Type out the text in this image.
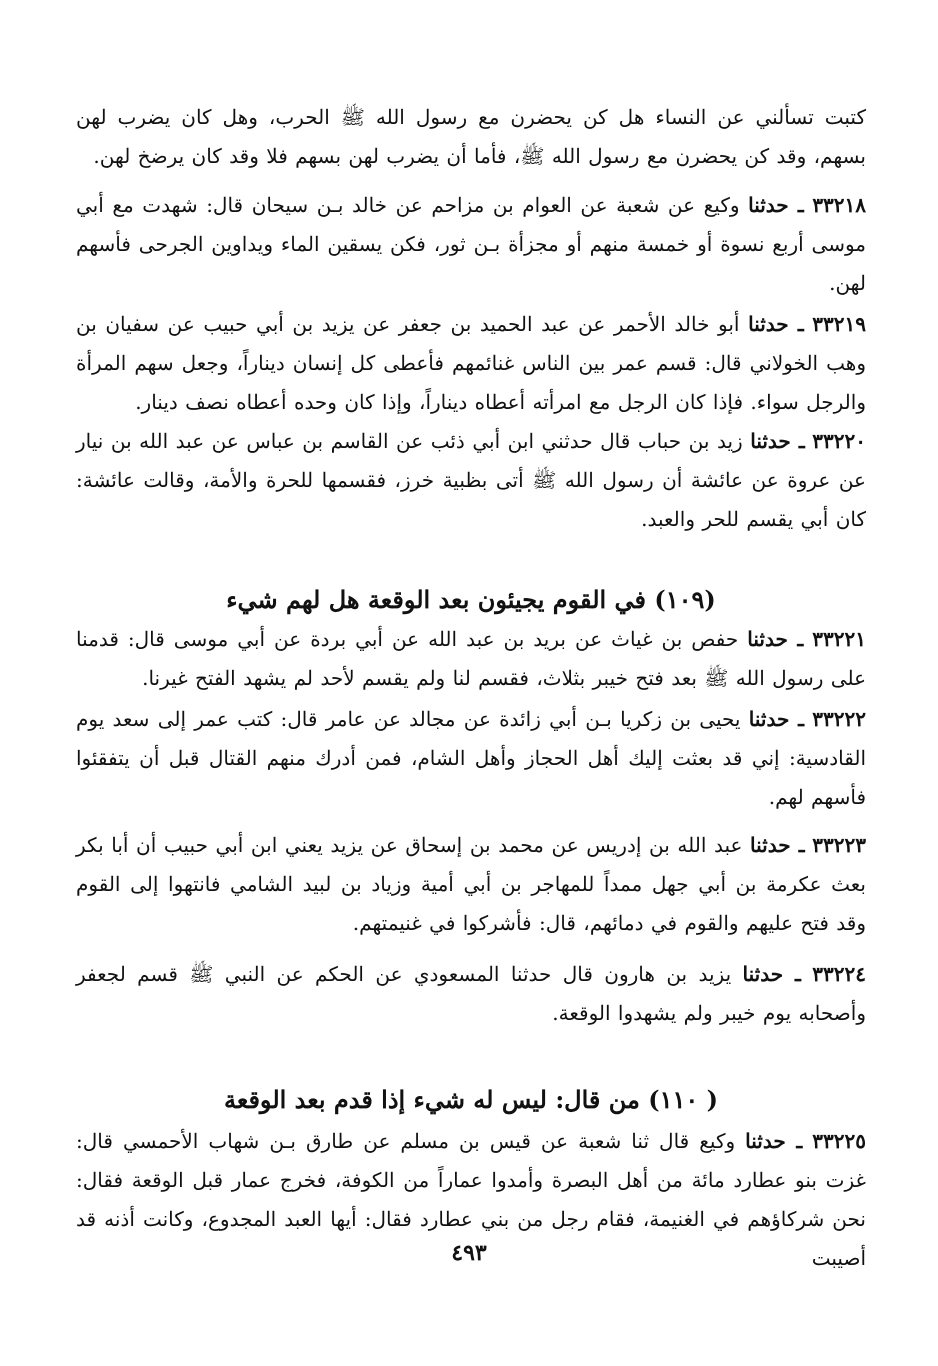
كتبت تسألني عن النساء هل كن يحضرن مع رسول الله ﷺ الحرب، وهل كان يضرب لهن بسهم، وقد كن يحضرن مع رسول الله ﷺ، فأما أن يضرب لهن بسهم فلا وقد كان يرضخ لهن.
٣٣٢١٨ ـ حدثنا وكيع عن شعبة عن العوام بن مزاحم عن خالد بـن سيحان قال: شهدت مع أبي موسى أربع نسوة أو خمسة منهم أو مجزأة بـن ثور، فكن يسقين الماء ويداوين الجرحى فأسهم لهن.
٣٣٢١٩ ـ حدثنا أبو خالد الأحمر عن عبد الحميد بن جعفر عن يزيد بن أبي حبيب عن سفيان بن وهب الخولاني قال: قسم عمر بين الناس غنائمهم فأعطى كل إنسان ديناراً، وجعل سهم المرأة والرجل سواء. فإذا كان الرجل مع امرأته أعطاه ديناراً، وإذا كان وحده أعطاه نصف دينار.
٣٣٢٢٠ ـ حدثنا زيد بن حباب قال حدثني ابن أبي ذئب عن القاسم بن عباس عن عبد الله بن نيار عن عروة عن عائشة أن رسول الله ﷺ أتى بظبية خرز، فقسمها للحرة والأمة، وقالت عائشة: كان أبي يقسم للحر والعبد.
(١٠٩) في القوم يجيئون بعد الوقعة هل لهم شيء
٣٣٢٢١ ـ حدثنا حفص بن غياث عن بريد بن عبد الله عن أبي بردة عن أبي موسى قال: قدمنا على رسول الله ﷺ بعد فتح خيبر بثلاث، فقسم لنا ولم يقسم لأحد لم يشهد الفتح غيرنا.
٣٣٢٢٢ ـ حدثنا يحيى بن زكريا بـن أبي زائدة عن مجالد عن عامر قال: كتب عمر إلى سعد يوم القادسية: إني قد بعثت إليك أهل الحجاز وأهل الشام، فمن أدرك منهم القتال قبل أن يتفقئوا فأسهم لهم.
٣٣٢٢٣ ـ حدثنا عبد الله بن إدريس عن محمد بن إسحاق عن يزيد يعني ابن أبي حبيب أن أبا بكر بعث عكرمة بن أبي جهل ممداً للمهاجر بن أبي أمية وزياد بن لبيد الشامي فانتهوا إلى القوم وقد فتح عليهم والقوم في دمائهم، قال: فأشركوا في غنيمتهم.
٣٣٢٢٤ ـ حدثنا يزيد بن هارون قال حدثنا المسعودي عن الحكم عن النبي ﷺ قسم لجعفر وأصحابه يوم خيبر ولم يشهدوا الوقعة.
( ١١٠) من قال: ليس له شيء إذا قدم بعد الوقعة
٣٣٢٢٥ ـ حدثنا وكيع قال ثنا شعبة عن قيس بن مسلم عن طارق بـن شهاب الأحمسي قال: غزت بنو عطارد مائة من أهل البصرة وأمدوا عماراً من الكوفة، فخرج عمار قبل الوقعة فقال: نحن شركاؤهم في الغنيمة، فقام رجل من بني عطارد فقال: أيها العبد المجدوع، وكانت أذنه قد أصيبت
٤٩٣
